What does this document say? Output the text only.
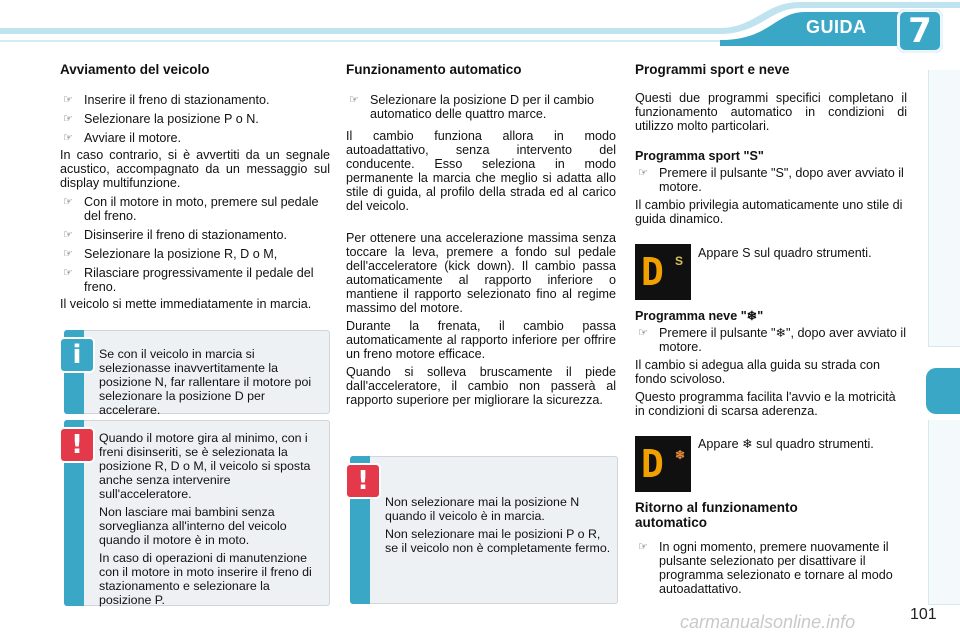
GUIDA	7
Avviamento del veicolo

☞ Inserire il freno di stazionamento.

☞ Selezionare la posizione P o N.

☞ Avviare il motore.

In caso contrario, si è avvertiti da un segnale acustico, accompagnato da un messaggio sul display multifunzione.

☞ Con il motore in moto, premere sul pedale del freno.

☞ Disinserire il freno di stazionamento.

☞ Selezionare la posizione R, D o M,

☞ Rilasciare progressivamente il pedale del freno.

Il veicolo si mette immediatamente in marcia.

i	Se con il veicolo in marcia si selezionasse inavvertitamente la posizione N, far rallentare il motore poi selezionare la posizione D per accelerare.

!	Quando il motore gira al minimo, con i freni disinseriti, se è selezionata la posizione R, D o M, il veicolo si sposta anche senza intervenire sull'acceleratore.

Non lasciare mai bambini senza sorveglianza all'interno del veicolo quando il motore è in moto.

In caso di operazioni di manutenzione con il motore in moto inserire il freno di stazionamento e selezionare la posizione P.

Funzionamento automatico

☞ Selezionare la posizione D per il cambio automatico delle quattro marce.

Il cambio funziona allora in modo autoadattativo, senza intervento del conducente. Esso seleziona in modo permanente la marcia che meglio si adatta allo stile di guida, al profilo della strada ed al carico del veicolo.

Per ottenere una accelerazione massima senza toccare la leva, premere a fondo sul pedale dell'acceleratore (kick down). Il cambio passa automaticamente al rapporto inferiore o mantiene il rapporto selezionato fino al regime massimo del motore.

Durante la frenata, il cambio passa automaticamente al rapporto inferiore per offrire un freno motore efficace.

Quando si solleva bruscamente il piede dall'acceleratore, il cambio non passerà al rapporto superiore per migliorare la sicurezza.

!

Non selezionare mai la posizione N quando il veicolo è in marcia.

Non selezionare mai le posizioni P o R, se il veicolo non è completamente fermo.

Programmi sport e neve

Questi due programmi specifici completano il funzionamento automatico in condizioni di utilizzo molto particolari.

Programma sport "S"

☞ Premere il pulsante "S", dopo aver avviato il motore.

Il cambio privilegia automaticamente uno stile di guida dinamico.

D S

Appare S sul quadro strumenti.

Programma neve "❄"

☞ Premere il pulsante "❄", dopo aver avviato il motore.

Il cambio si adegua alla guida su strada con fondo scivoloso.

Questo programma facilita l'avvio e la motricità in condizioni di scarsa aderenza.

D ❄

Appare ❄ sul quadro strumenti.

Ritorno al funzionamento
automatico

☞ In ogni momento, premere nuovamente il pulsante selezionato per disattivare il programma selezionato e tornare al modo autoadattativo.

carmanualsonline.info	101
